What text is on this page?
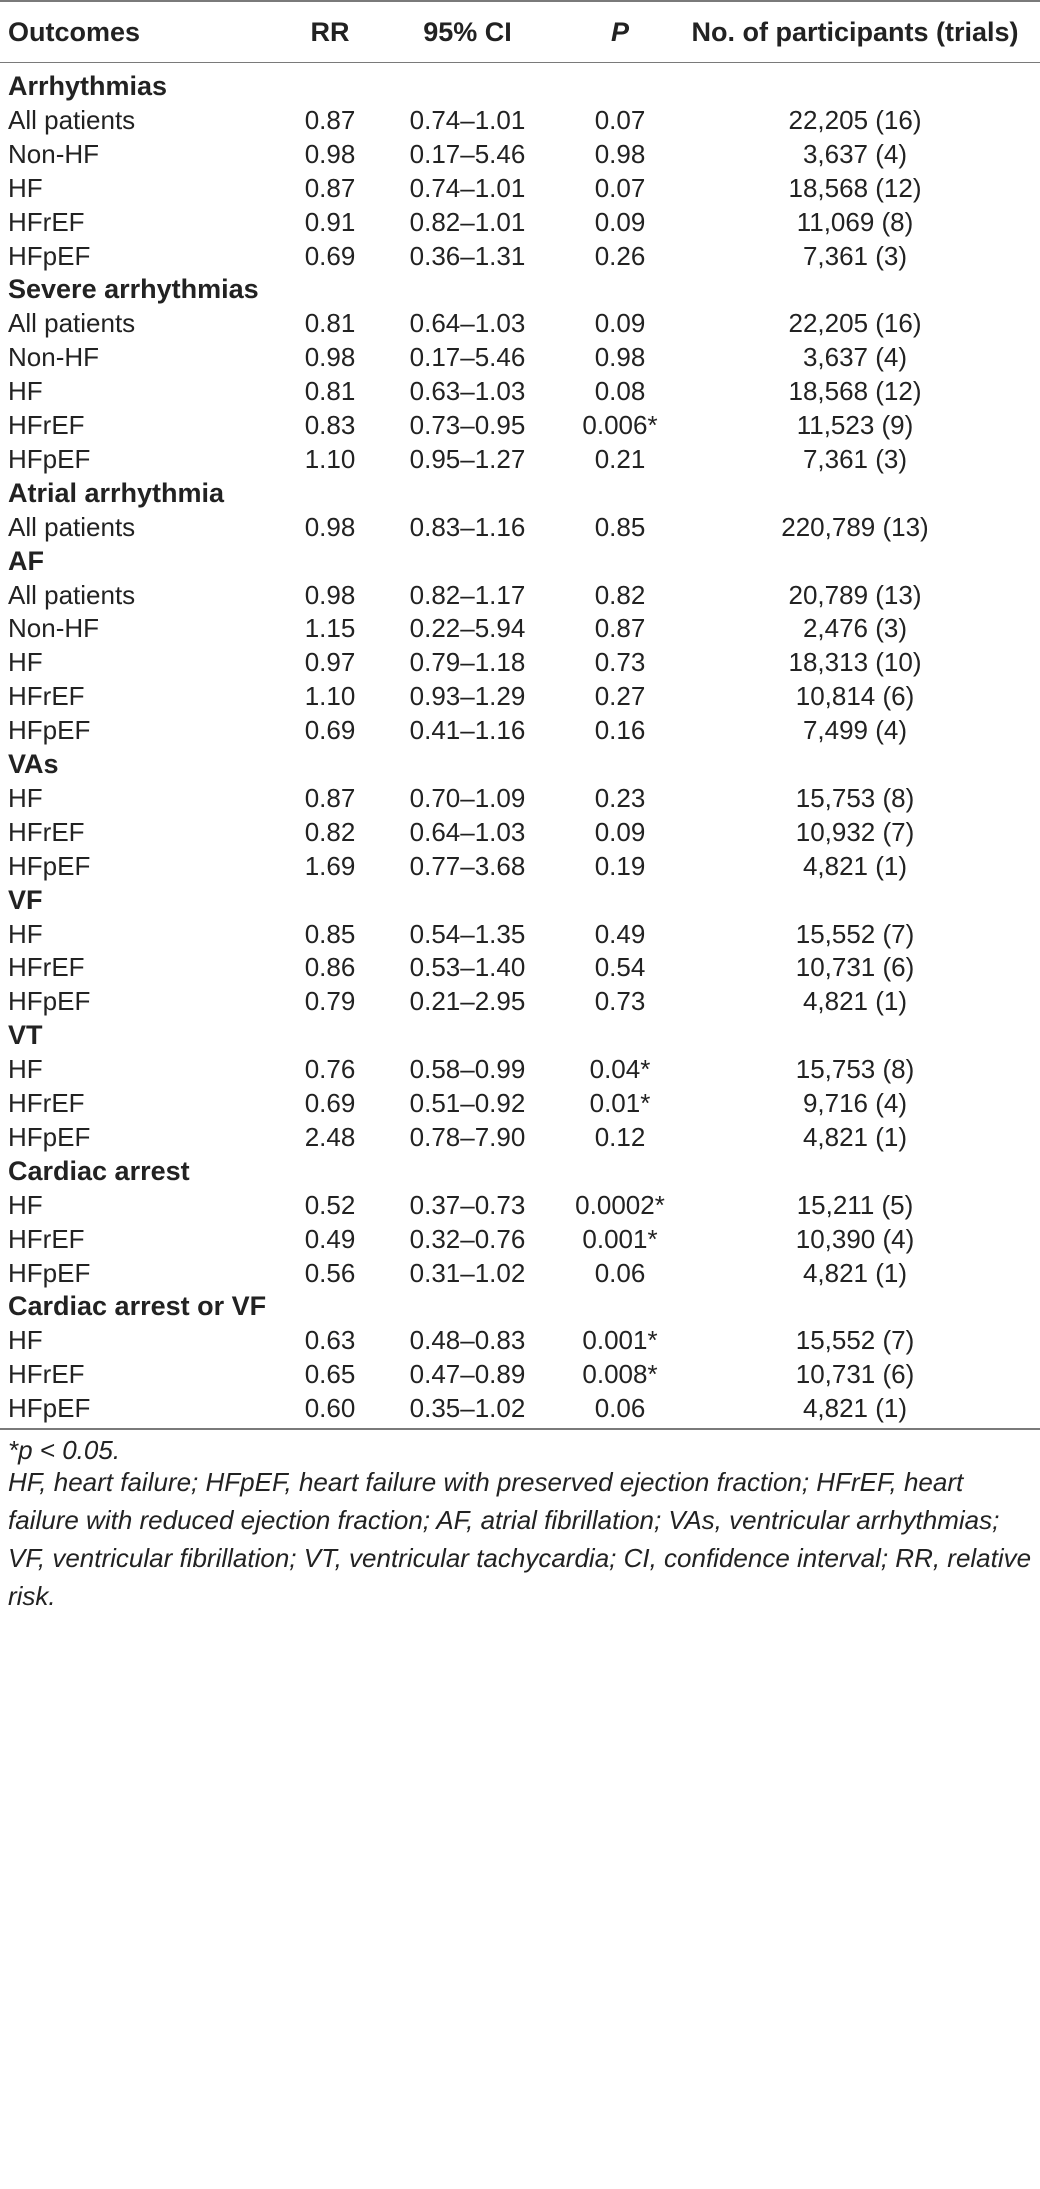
Outcomes	RR	95% CI	P	No. of participants (trials)
Arrhythmias
All patients	0.87	0.74–1.01	0.07	22,205 (16)
Non-HF	0.98	0.17–5.46	0.98	3,637 (4)
HF	0.87	0.74–1.01	0.07	18,568 (12)
HFrEF	0.91	0.82–1.01	0.09	11,069 (8)
HFpEF	0.69	0.36–1.31	0.26	7,361 (3)
Severe arrhythmias
All patients	0.81	0.64–1.03	0.09	22,205 (16)
Non-HF	0.98	0.17–5.46	0.98	3,637 (4)
HF	0.81	0.63–1.03	0.08	18,568 (12)
HFrEF	0.83	0.73–0.95	0.006*	11,523 (9)
HFpEF	1.10	0.95–1.27	0.21	7,361 (3)
Atrial arrhythmia
All patients	0.98	0.83–1.16	0.85	220,789 (13)
AF
All patients	0.98	0.82–1.17	0.82	20,789 (13)
Non-HF	1.15	0.22–5.94	0.87	2,476 (3)
HF	0.97	0.79–1.18	0.73	18,313 (10)
HFrEF	1.10	0.93–1.29	0.27	10,814 (6)
HFpEF	0.69	0.41–1.16	0.16	7,499 (4)
VAs
HF	0.87	0.70–1.09	0.23	15,753 (8)
HFrEF	0.82	0.64–1.03	0.09	10,932 (7)
HFpEF	1.69	0.77–3.68	0.19	4,821 (1)
VF
HF	0.85	0.54–1.35	0.49	15,552 (7)
HFrEF	0.86	0.53–1.40	0.54	10,731 (6)
HFpEF	0.79	0.21–2.95	0.73	4,821 (1)
VT
HF	0.76	0.58–0.99	0.04*	15,753 (8)
HFrEF	0.69	0.51–0.92	0.01*	9,716 (4)
HFpEF	2.48	0.78–7.90	0.12	4,821 (1)
Cardiac arrest
HF	0.52	0.37–0.73	0.0002*	15,211 (5)
HFrEF	0.49	0.32–0.76	0.001*	10,390 (4)
HFpEF	0.56	0.31–1.02	0.06	4,821 (1)
Cardiac arrest or VF
HF	0.63	0.48–0.83	0.001*	15,552 (7)
HFrEF	0.65	0.47–0.89	0.008*	10,731 (6)
HFpEF	0.60	0.35–1.02	0.06	4,821 (1)
*p < 0.05.
HF, heart failure; HFpEF, heart failure with preserved ejection fraction; HFrEF, heart failure with reduced ejection fraction; AF, atrial fibrillation; VAs, ventricular arrhythmias; VF, ventricular fibrillation; VT, ventricular tachycardia; CI, confidence interval; RR, relative risk.
